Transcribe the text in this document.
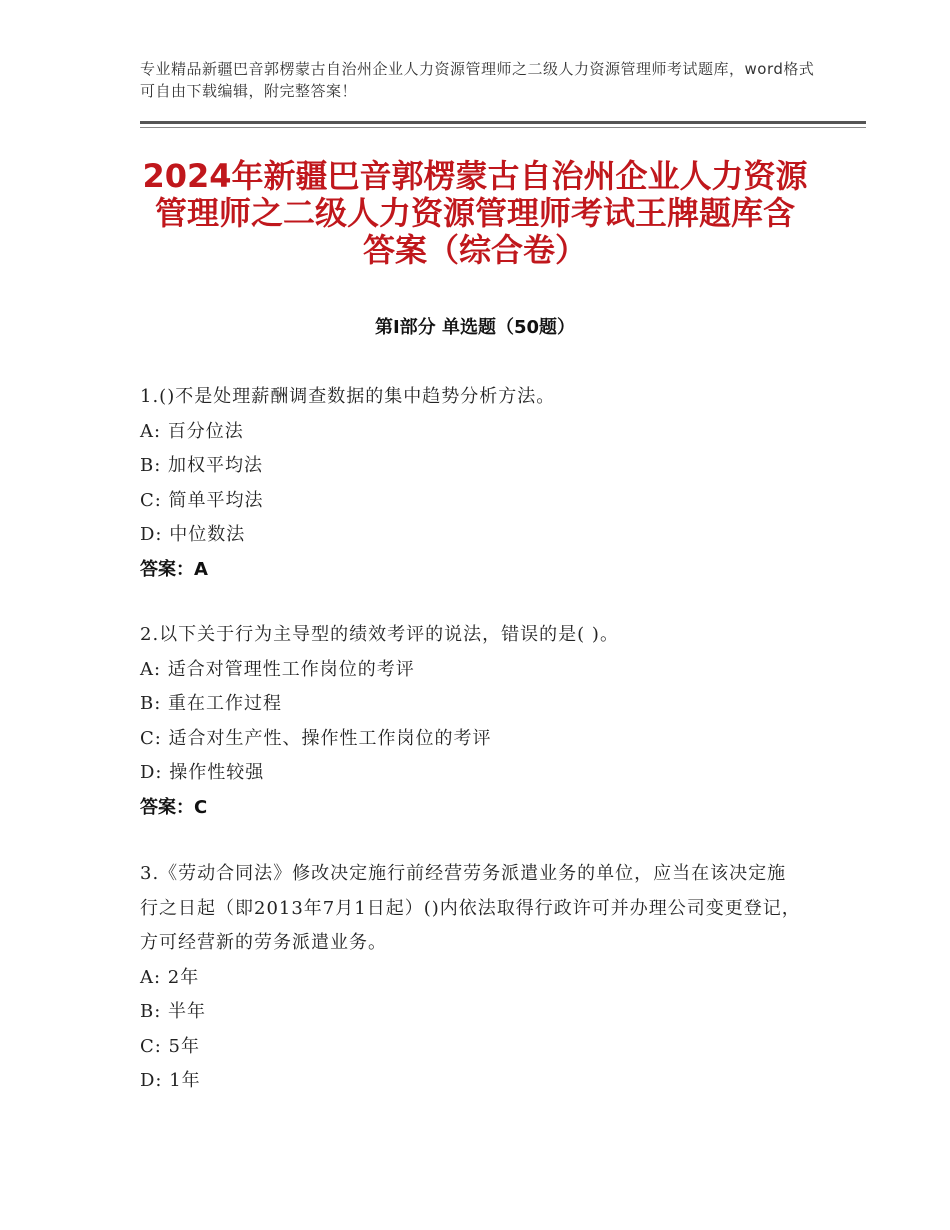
专业精品新疆巴音郭楞蒙古自治州企业人力资源管理师之二级人力资源管理师考试题库，word格式可自由下载编辑，附完整答案！
2024年新疆巴音郭楞蒙古自治州企业人力资源管理师之二级人力资源管理师考试王牌题库含答案（综合卷）
第Ⅰ部分 单选题（50题）
1.()不是处理薪酬调查数据的集中趋势分析方法。
A: 百分位法
B: 加权平均法
C: 简单平均法
D: 中位数法
答案：A
2.以下关于行为主导型的绩效考评的说法，错误的是( )。
A: 适合对管理性工作岗位的考评
B: 重在工作过程
C: 适合对生产性、操作性工作岗位的考评
D: 操作性较强
答案：C
3.《劳动合同法》修改决定施行前经营劳务派遣业务的单位，应当在该决定施行之日起（即2013年7月1日起）()内依法取得行政许可并办理公司变更登记，方可经营新的劳务派遣业务。
A: 2年
B: 半年
C: 5年
D: 1年
